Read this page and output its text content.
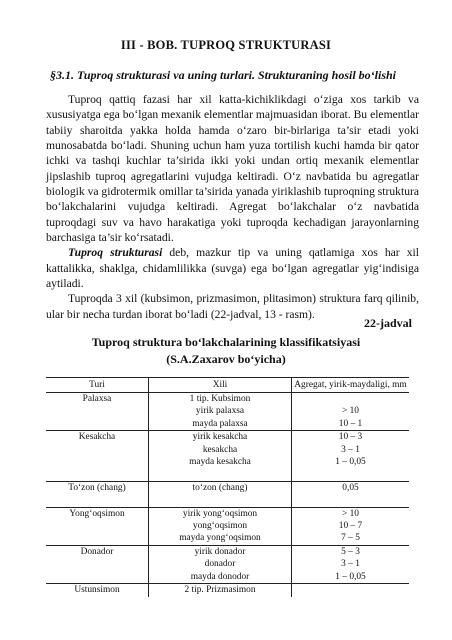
III - BOB. TUPROQ STRUKTURASI
§3.1. Tuproq strukturasi va uning turlari. Strukturaning hosil bo‘lishi

Tuproq qattiq fazasi har xil katta-kichiklikdagi o‘ziga xos tarkib va xususiyatga ega bo‘lgan mexanik elementlar majmuasidan iborat. Bu elementlar tabiiy sharoitda yakka holda hamda o‘zaro bir-birlariga ta’sir etadi yoki munosabatda bo‘ladi. Shuning uchun ham yuza tortilish kuchi hamda bir qator ichki va tashqi kuchlar ta’sirida ikki yoki undan ortiq mexanik elementlar jipslashib tuproq agregatlarini vujudga keltiradi. O‘z navbatida bu agregatlar biologik va gidrotermik omillar ta’sirida yanada yiriklashib tuproqning struktura bo‘lakchalarini vujudga keltiradi. Agregat bo‘lakchalar o‘z navbatida tuproqdagi suv va havo harakatiga yoki tuproqda kechadigan jarayonlarning barchasiga ta’sir ko‘rsatadi.

Tuproq strukturasi deb, mazkur tip va uning qatlamiga xos har xil kattalikka, shaklga, chidamlilikka (suvga) ega bo‘lgan agregatlar yig‘indisiga aytiladi.

Tuproqda 3 xil (kubsimon, prizmasimon, plitasimon) struktura farq qilinib, ular bir necha turdan iborat bo‘ladi (22-jadval, 13 - rasm).

22-jadval
Tuproq struktura bo‘lakchalarining klassifikatsiyasi
(S.A.Zaxarov bo‘yicha)
Turi	Xili	Agregat, yirik-maydaligi, mm
Palaxsa	1 tip. Kubsimon	
	yirik palaxsa	> 10
	mayda palaxsa	10 – 1
Kesakcha	yirik kesakcha	10 – 3
	kesakcha	3 – 1
	mayda kesakcha	1 – 0,05

To‘zon (chang)	to‘zon (chang)	0,05

Yong‘oqsimon	yirik yong‘oqsimon	> 10
	yong‘oqsimon	10 – 7
	mayda yong‘oqsimon	7 – 5
Donador	yirik donador	5 – 3
	donador	3 – 1
	mayda donodor	1 – 0,05
Ustunsimon	2 tip. Prizmasimon	
